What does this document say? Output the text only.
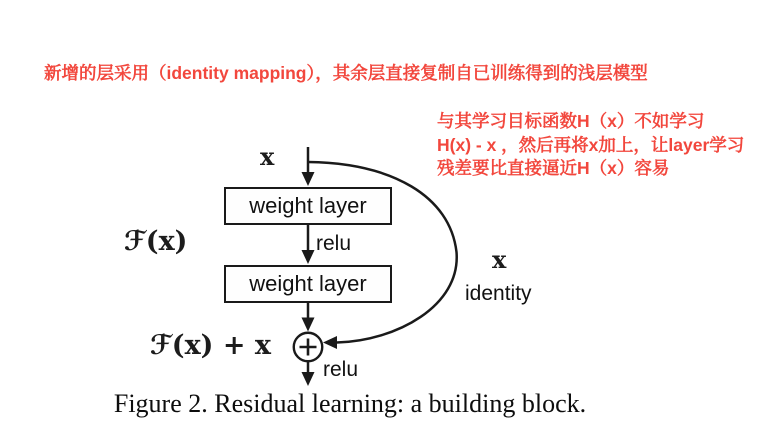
新增的层采用（identity mapping），其余层直接复制自已训练得到的浅层模型
与其学习目标函数H（x）不如学习
H(x) - x ，然后再将x加上，让layer学习
残差要比直接逼近H（x）容易
weight layer
weight layer
x
relu
ℱ(x)
ℱ(x) + x
x
identity
relu
Figure 2. Residual learning: a building block.
